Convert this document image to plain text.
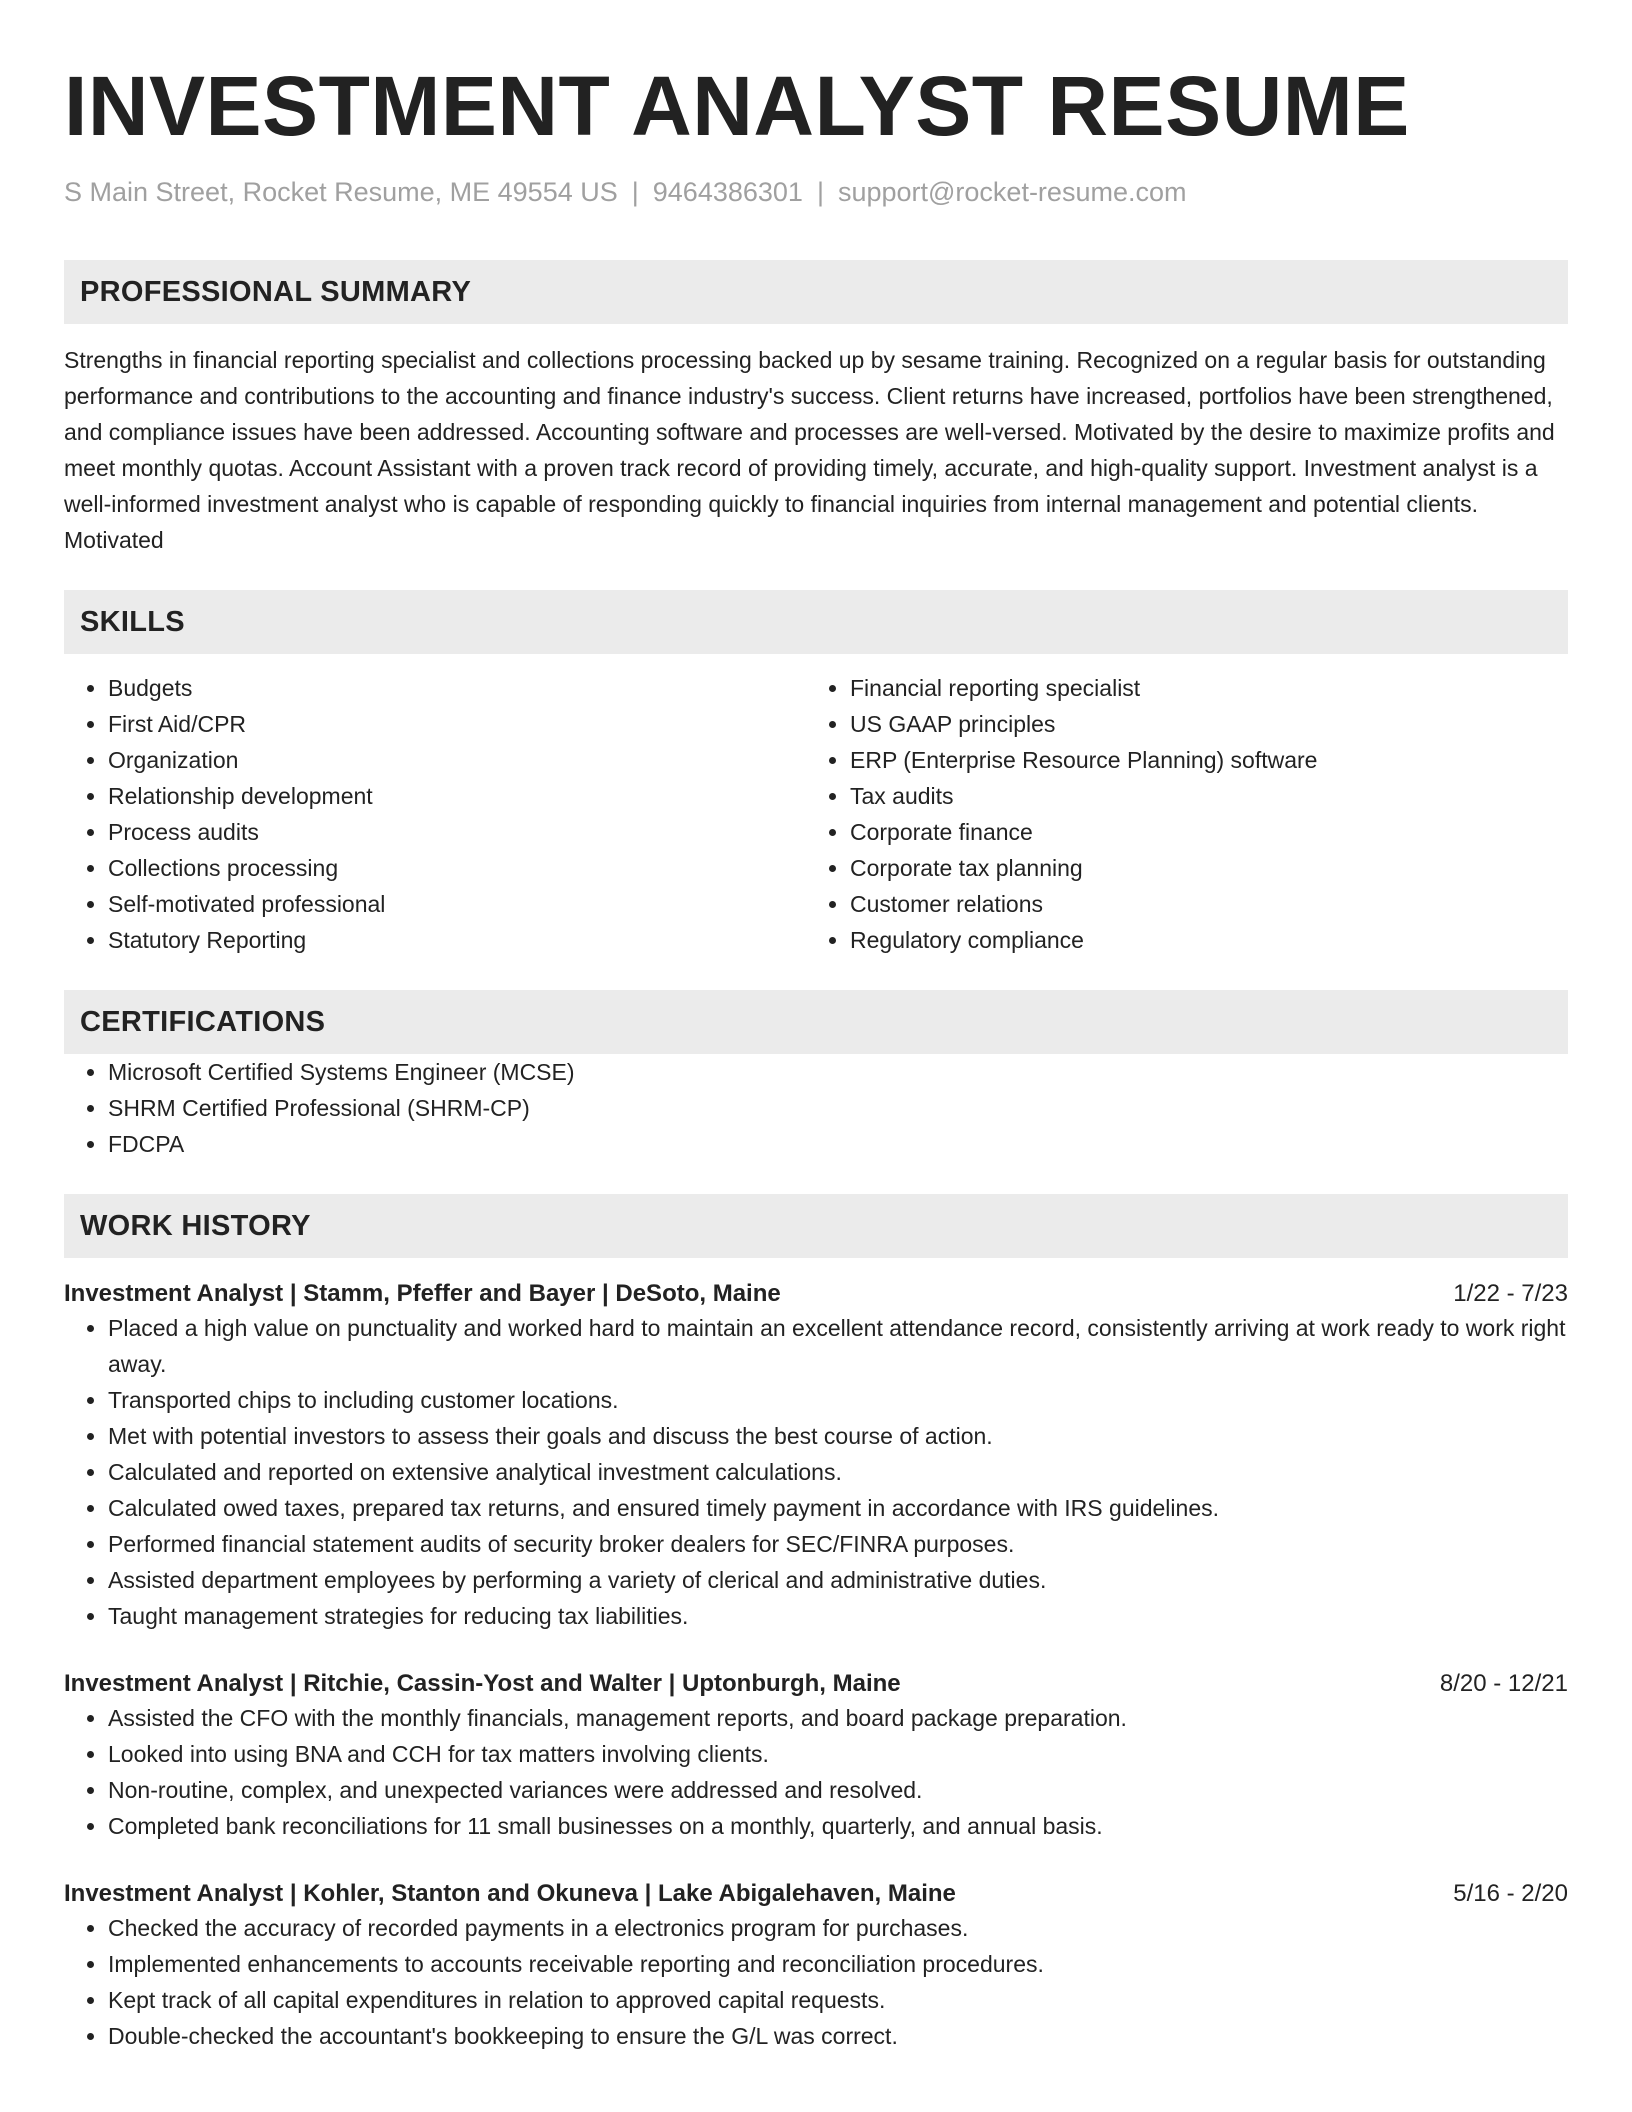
INVESTMENT ANALYST RESUME
S Main Street, Rocket Resume, ME 49554 US | 9464386301 | support@rocket-resume.com
PROFESSIONAL SUMMARY

Strengths in financial reporting specialist and collections processing backed up by sesame training. Recognized on a regular basis for outstanding performance and contributions to the accounting and finance industry's success. Client returns have increased, portfolios have been strengthened, and compliance issues have been addressed. Accounting software and processes are well-versed. Motivated by the desire to maximize profits and meet monthly quotas. Account Assistant with a proven track record of providing timely, accurate, and high-quality support. Investment analyst is a well-informed investment analyst who is capable of responding quickly to financial inquiries from internal management and potential clients. Motivated

SKILLS
• Budgets
• First Aid/CPR
• Organization
• Relationship development
• Process audits
• Collections processing
• Self-motivated professional
• Statutory Reporting
• Financial reporting specialist
• US GAAP principles
• ERP (Enterprise Resource Planning) software
• Tax audits
• Corporate finance
• Corporate tax planning
• Customer relations
• Regulatory compliance
CERTIFICATIONS
• Microsoft Certified Systems Engineer (MCSE)
• SHRM Certified Professional (SHRM-CP)
• FDCPA
WORK HISTORY
Investment Analyst | Stamm, Pfeffer and Bayer | DeSoto, Maine	1/22 - 7/23
• Placed a high value on punctuality and worked hard to maintain an excellent attendance record, consistently arriving at work ready to work right away.
• Transported chips to including customer locations.
• Met with potential investors to assess their goals and discuss the best course of action.
• Calculated and reported on extensive analytical investment calculations.
• Calculated owed taxes, prepared tax returns, and ensured timely payment in accordance with IRS guidelines.
• Performed financial statement audits of security broker dealers for SEC/FINRA purposes.
• Assisted department employees by performing a variety of clerical and administrative duties.
• Taught management strategies for reducing tax liabilities.
Investment Analyst | Ritchie, Cassin-Yost and Walter | Uptonburgh, Maine	8/20 - 12/21
• Assisted the CFO with the monthly financials, management reports, and board package preparation.
• Looked into using BNA and CCH for tax matters involving clients.
• Non-routine, complex, and unexpected variances were addressed and resolved.
• Completed bank reconciliations for 11 small businesses on a monthly, quarterly, and annual basis.
Investment Analyst | Kohler, Stanton and Okuneva | Lake Abigalehaven, Maine	5/16 - 2/20
• Checked the accuracy of recorded payments in a electronics program for purchases.
• Implemented enhancements to accounts receivable reporting and reconciliation procedures.
• Kept track of all capital expenditures in relation to approved capital requests.
• Double-checked the accountant's bookkeeping to ensure the G/L was correct.
